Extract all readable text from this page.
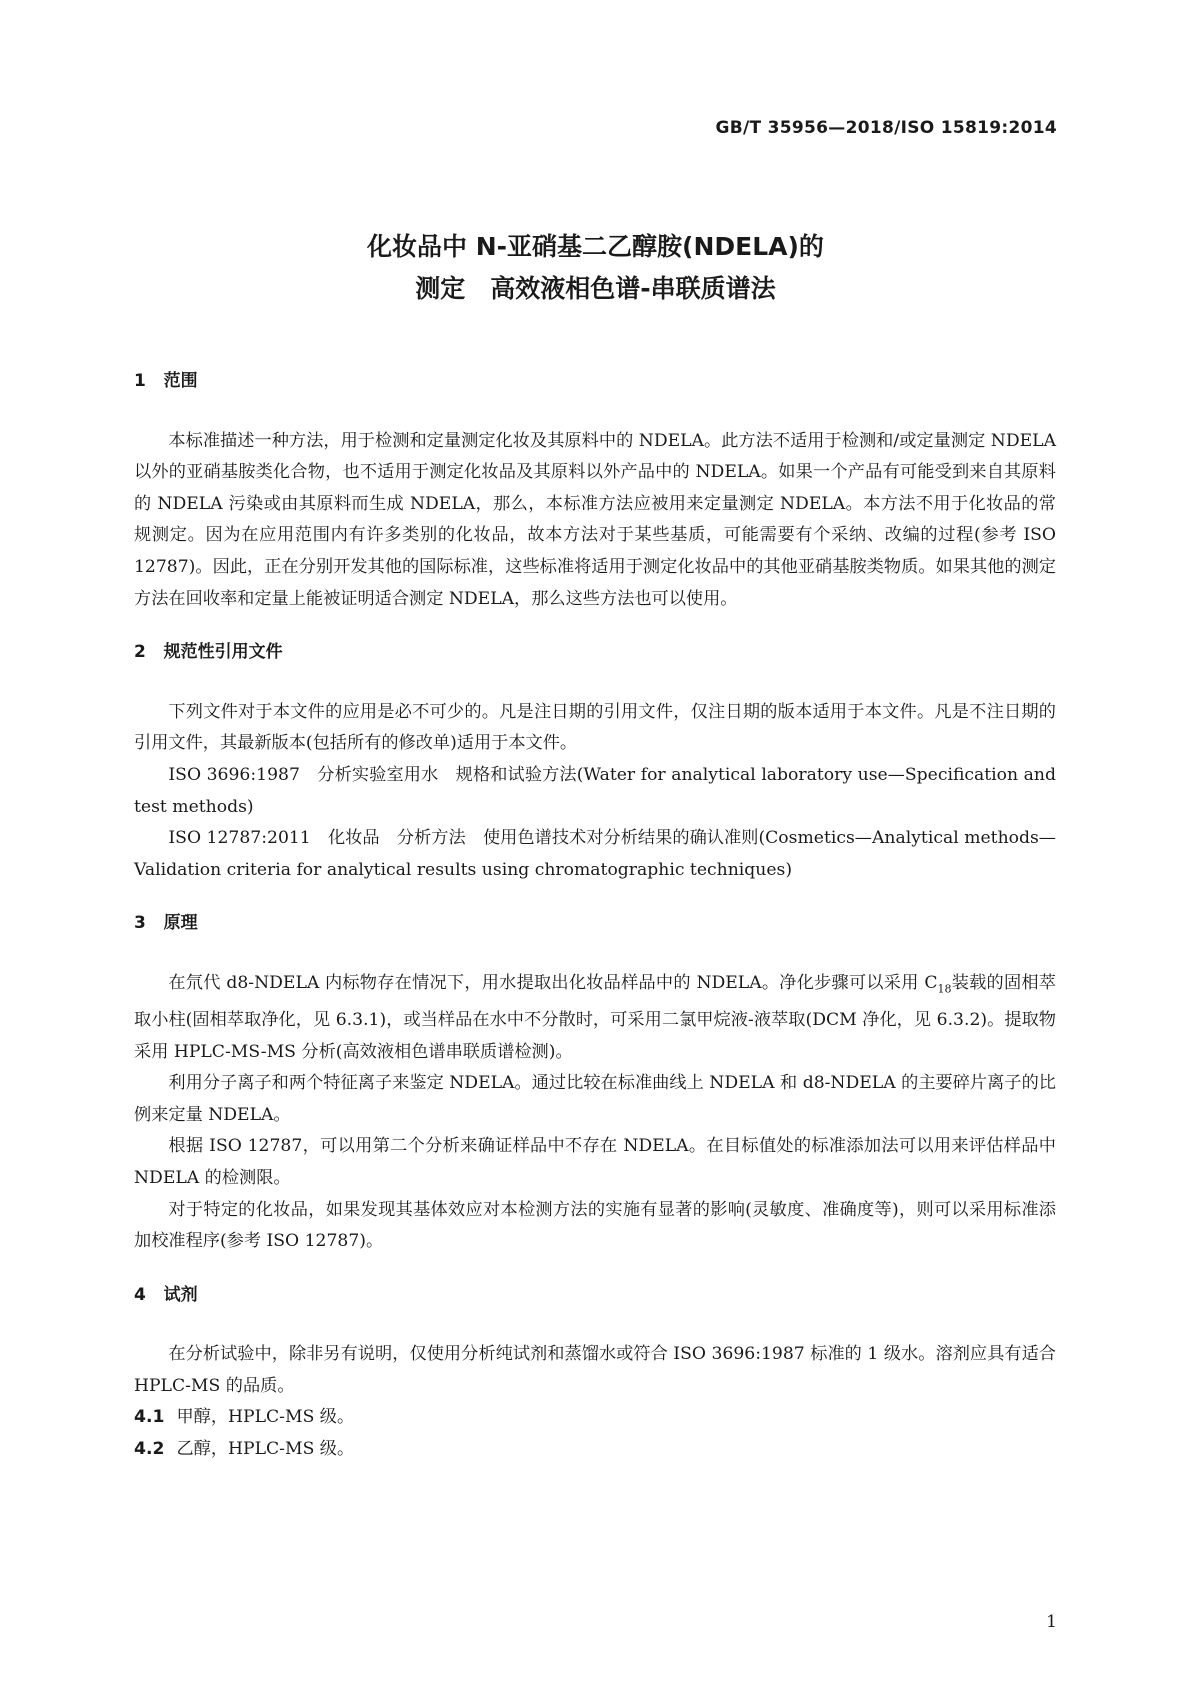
GB/T 35956—2018/ISO 15819:2014
化妆品中 N-亚硝基二乙醇胺(NDELA)的
测定　高效液相色谱-串联质谱法
1 范围

本标准描述一种方法，用于检测和定量测定化妆及其原料中的 NDELA。此方法不适用于检测和/或定量测定 NDELA 以外的亚硝基胺类化合物，也不适用于测定化妆品及其原料以外产品中的 NDELA。如果一个产品有可能受到来自其原料的 NDELA 污染或由其原料而生成 NDELA，那么，本标准方法应被用来定量测定 NDELA。本方法不用于化妆品的常规测定。因为在应用范围内有许多类别的化妆品，故本方法对于某些基质，可能需要有个采纳、改编的过程(参考 ISO 12787)。因此，正在分别开发其他的国际标准，这些标准将适用于测定化妆品中的其他亚硝基胺类物质。如果其他的测定方法在回收率和定量上能被证明适合测定 NDELA，那么这些方法也可以使用。

2 规范性引用文件

下列文件对于本文件的应用是必不可少的。凡是注日期的引用文件，仅注日期的版本适用于本文件。凡是不注日期的引用文件，其最新版本(包括所有的修改单)适用于本文件。

ISO 3696:1987　分析实验室用水　规格和试验方法(Water for analytical laboratory use—Specification and test methods)

ISO 12787:2011　化妆品　分析方法　使用色谱技术对分析结果的确认准则(Cosmetics—Analytical methods—Validation criteria for analytical results using chromatographic techniques)

3 原理

在氘代 d8-NDELA 内标物存在情况下，用水提取出化妆品样品中的 NDELA。净化步骤可以采用 $C_{18}$装载的固相萃取小柱(固相萃取净化，见 6.3.1)，或当样品在水中不分散时，可采用二氯甲烷液-液萃取(DCM 净化，见 6.3.2)。提取物采用 HPLC-MS-MS 分析(高效液相色谱串联质谱检测)。

利用分子离子和两个特征离子来鉴定 NDELA。通过比较在标准曲线上 NDELA 和 d8-NDELA 的主要碎片离子的比例来定量 NDELA。

根据 ISO 12787，可以用第二个分析来确证样品中不存在 NDELA。在目标值处的标准添加法可以用来评估样品中 NDELA 的检测限。

对于特定的化妆品，如果发现其基体效应对本检测方法的实施有显著的影响(灵敏度、准确度等)，则可以采用标准添加校准程序(参考 ISO 12787)。

4 试剂

在分析试验中，除非另有说明，仅使用分析纯试剂和蒸馏水或符合 ISO 3696:1987 标准的 1 级水。溶剂应具有适合 HPLC-MS 的品质。

4.1 甲醇，HPLC-MS 级。

4.2 乙醇，HPLC-MS 级。

1
